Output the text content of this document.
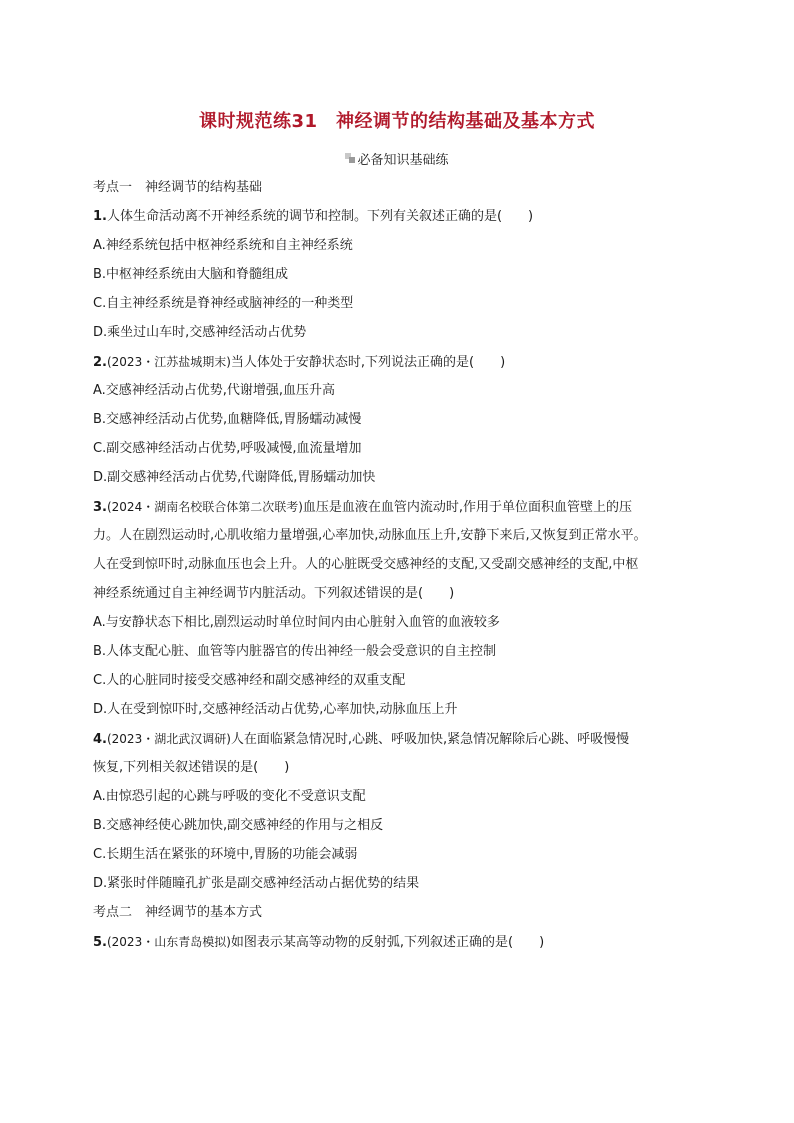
课时规范练31　神经调节的结构基础及基本方式
必备知识基础练
考点一　神经调节的结构基础
1.人体生命活动离不开神经系统的调节和控制。下列有关叙述正确的是(　　)
A.神经系统包括中枢神经系统和自主神经系统
B.中枢神经系统由大脑和脊髓组成
C.自主神经系统是脊神经或脑神经的一种类型
D.乘坐过山车时,交感神经活动占优势
2.(2023・江苏盐城期末)当人体处于安静状态时,下列说法正确的是(　　)
A.交感神经活动占优势,代谢增强,血压升高
B.交感神经活动占优势,血糖降低,胃肠蠕动减慢
C.副交感神经活动占优势,呼吸减慢,血流量增加
D.副交感神经活动占优势,代谢降低,胃肠蠕动加快
3.(2024・湖南名校联合体第二次联考)血压是血液在血管内流动时,作用于单位面积血管壁上的压
力。人在剧烈运动时,心肌收缩力量增强,心率加快,动脉血压上升,安静下来后,又恢复到正常水平。
人在受到惊吓时,动脉血压也会上升。人的心脏既受交感神经的支配,又受副交感神经的支配,中枢
神经系统通过自主神经调节内脏活动。下列叙述错误的是(　　)
A.与安静状态下相比,剧烈运动时单位时间内由心脏射入血管的血液较多
B.人体支配心脏、血管等内脏器官的传出神经一般会受意识的自主控制
C.人的心脏同时接受交感神经和副交感神经的双重支配
D.人在受到惊吓时,交感神经活动占优势,心率加快,动脉血压上升
4.(2023・湖北武汉调研)人在面临紧急情况时,心跳、呼吸加快,紧急情况解除后心跳、呼吸慢慢
恢复,下列相关叙述错误的是(　　)
A.由惊恐引起的心跳与呼吸的变化不受意识支配
B.交感神经使心跳加快,副交感神经的作用与之相反
C.长期生活在紧张的环境中,胃肠的功能会减弱
D.紧张时伴随瞳孔扩张是副交感神经活动占据优势的结果
考点二　神经调节的基本方式
5.(2023・山东青岛模拟)如图表示某高等动物的反射弧,下列叙述正确的是(　　)
